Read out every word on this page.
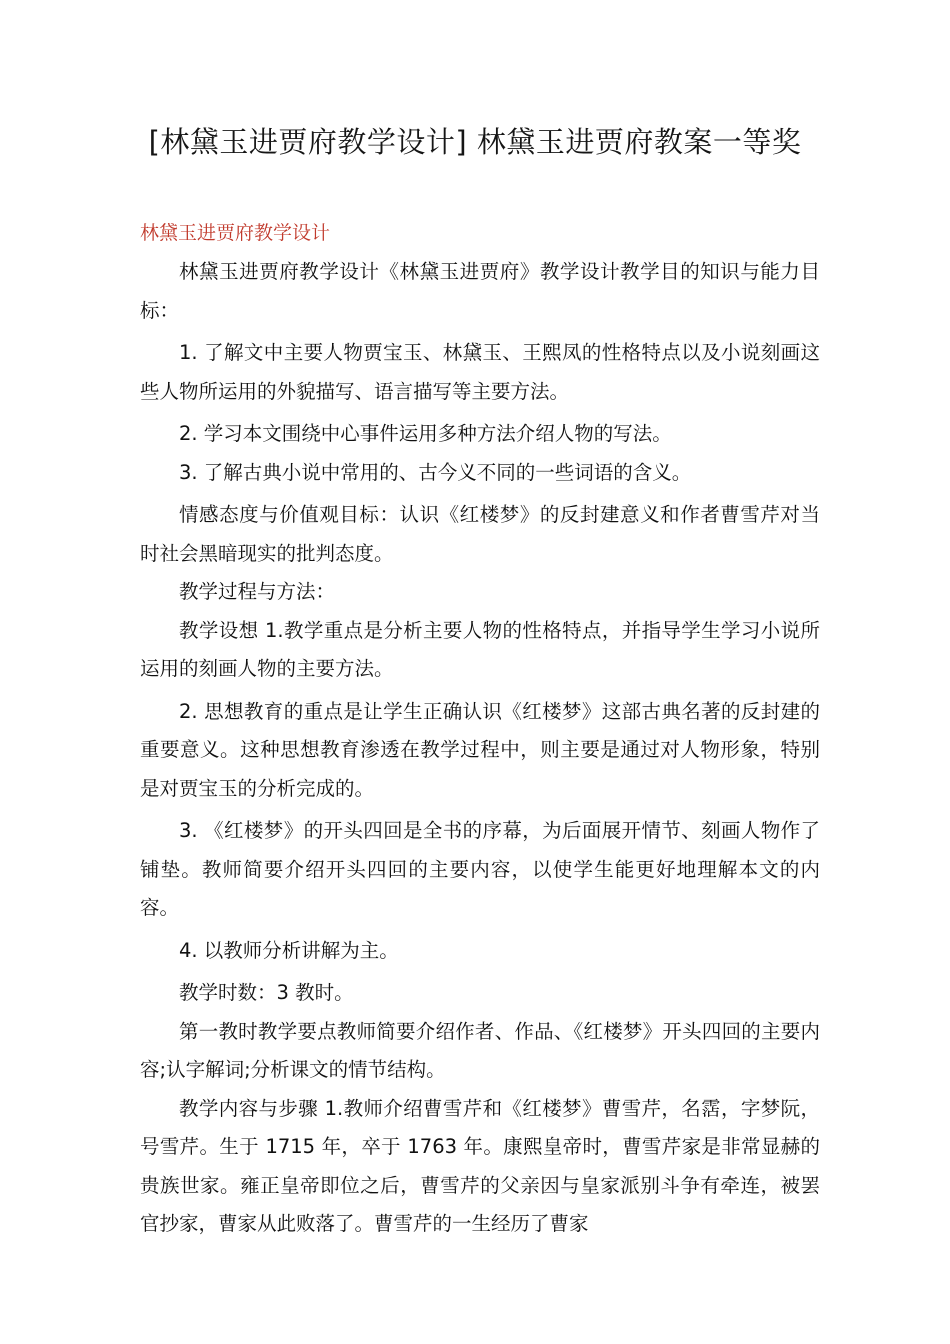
[林黛玉进贾府教学设计] 林黛玉进贾府教案一等奖
林黛玉进贾府教学设计

林黛玉进贾府教学设计《林黛玉进贾府》教学设计教学目的知识与能力目标：

1. 了解文中主要人物贾宝玉、林黛玉、王熙凤的性格特点以及小说刻画这些人物所运用的外貌描写、语言描写等主要方法。

2. 学习本文围绕中心事件运用多种方法介绍人物的写法。

3. 了解古典小说中常用的、古今义不同的一些词语的含义。

情感态度与价值观目标：认识《红楼梦》的反封建意义和作者曹雪芹对当时社会黑暗现实的批判态度。

教学过程与方法：

教学设想 1.教学重点是分析主要人物的性格特点，并指导学生学习小说所运用的刻画人物的主要方法。

2. 思想教育的重点是让学生正确认识《红楼梦》这部古典名著的反封建的重要意义。这种思想教育渗透在教学过程中，则主要是通过对人物形象，特别是对贾宝玉的分析完成的。

3. 《红楼梦》的开头四回是全书的序幕，为后面展开情节、刻画人物作了铺垫。教师简要介绍开头四回的主要内容，以使学生能更好地理解本文的内容。

4. 以教师分析讲解为主。

教学时数：3 教时。

第一教时教学要点教师简要介绍作者、作品、《红楼梦》开头四回的主要内容;认字解词;分析课文的情节结构。

教学内容与步骤 1.教师介绍曹雪芹和《红楼梦》曹雪芹，名霑，字梦阮，号雪芹。生于 1715 年，卒于 1763 年。康熙皇帝时，曹雪芹家是非常显赫的贵族世家。雍正皇帝即位之后，曹雪芹的父亲因与皇家派别斗争有牵连，被罢官抄家，曹家从此败落了。曹雪芹的一生经历了曹家
